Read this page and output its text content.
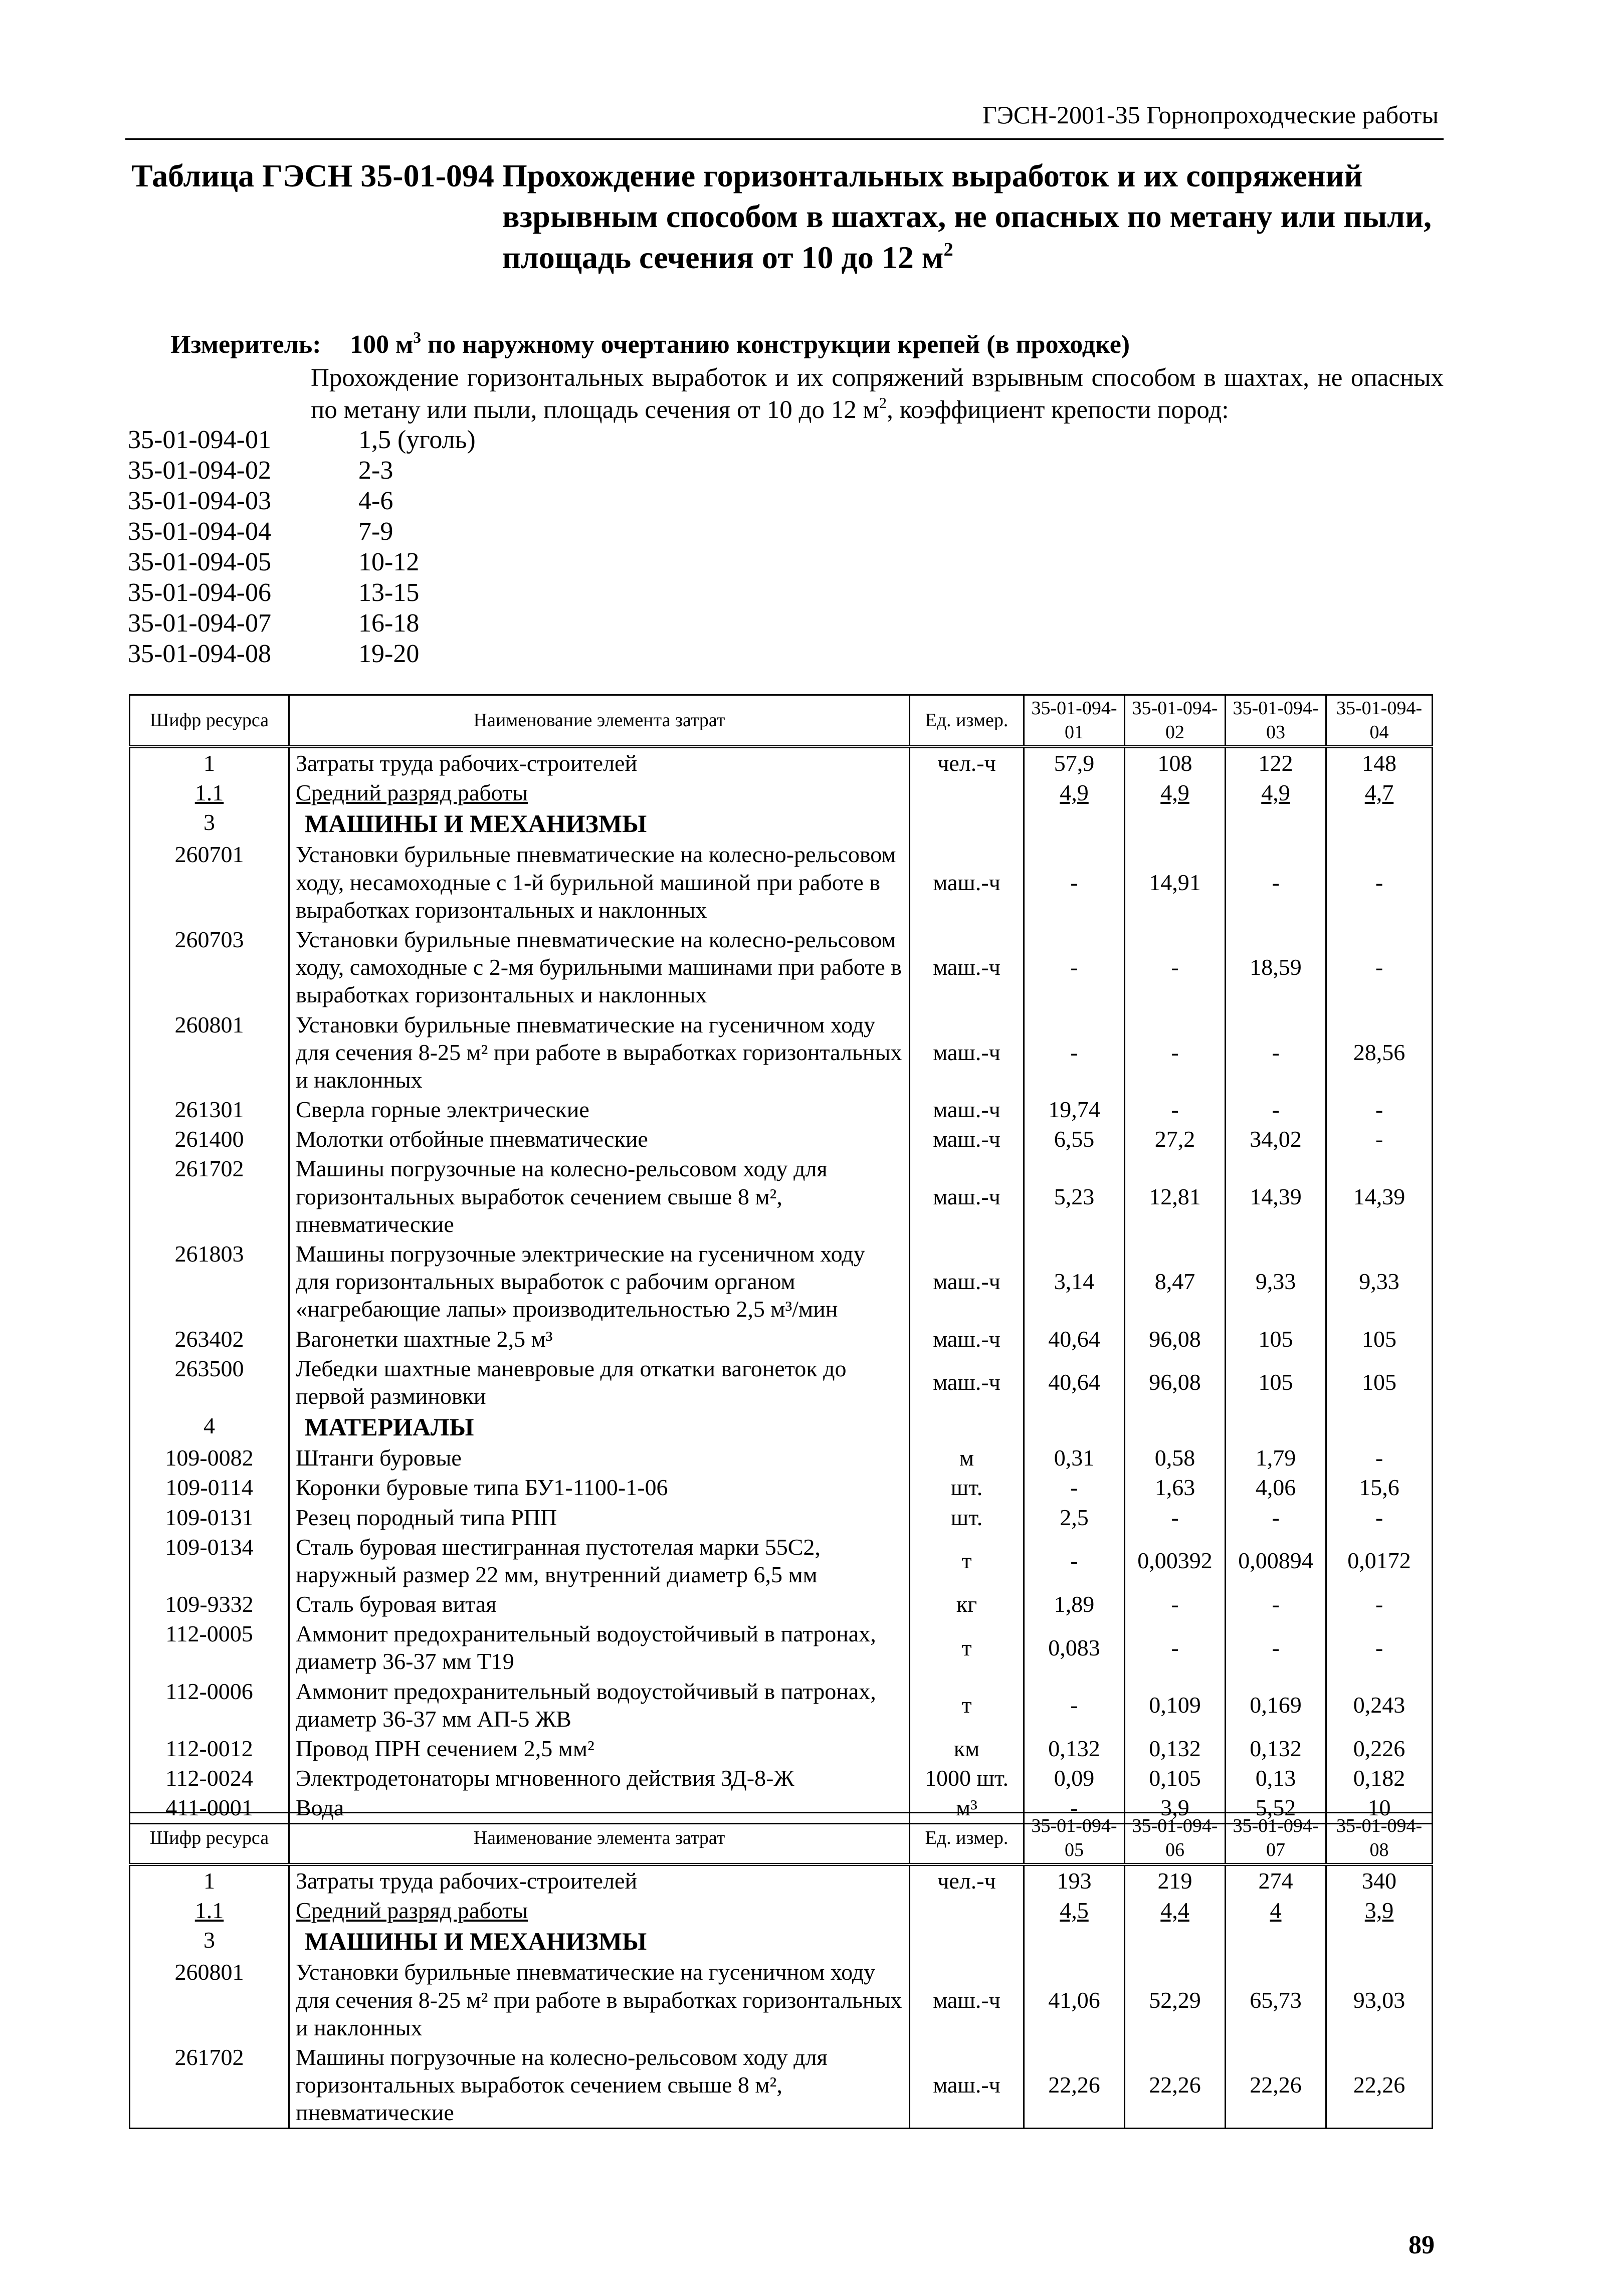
ГЭСН-2001-35 Горнопроходческие работы
Таблица ГЭСН 35-01-094 Прохождение горизонтальных выработок и их сопряжений взрывным способом в шахтах, не опасных по метану или пыли, площадь сечения от 10 до 12 $м^2$
Измеритель: 100 $м^3$ по наружному очертанию конструкции крепей (в проходке)
Прохождение горизонтальных выработок и их сопряжений взрывным способом в шахтах, не опасных по метану или пыли, площадь сечения от 10 до 12 $м^2$, коэффициент крепости пород:
35-01-094-01	1,5 (уголь)
35-01-094-02	2-3
35-01-094-03	4-6
35-01-094-04	7-9
35-01-094-05	10-12
35-01-094-06	13-15
35-01-094-07	16-18
35-01-094-08	19-20
Шифр ресурса	Наименование элемента затрат	Ед. измер.	35-01-094-01	35-01-094-02	35-01-094-03	35-01-094-04
1	Затраты труда рабочих-строителей	чел.-ч	57,9	108	122	148
1.1	Средний разряд работы		4,9	4,9	4,9	4,7
3	МАШИНЫ И МЕХАНИЗМЫ					
260701	Установки бурильные пневматические на колесно-рельсовом ходу, несамоходные с 1-й бурильной машиной при работе в выработках горизонтальных и наклонных	маш.-ч	-	14,91	-	-
260703	Установки бурильные пневматические на колесно-рельсовом ходу, самоходные с 2-мя бурильными машинами при работе в выработках горизонтальных и наклонных	маш.-ч	-	-	18,59	-
260801	Установки бурильные пневматические на гусеничном ходу для сечения 8-25 м² при работе в выработках горизонтальных и наклонных	маш.-ч	-	-	-	28,56
261301	Сверла горные электрические	маш.-ч	19,74	-	-	-
261400	Молотки отбойные пневматические	маш.-ч	6,55	27,2	34,02	-
261702	Машины погрузочные на колесно-рельсовом ходу для горизонтальных выработок сечением свыше 8 м², пневматические	маш.-ч	5,23	12,81	14,39	14,39
261803	Машины погрузочные электрические на гусеничном ходу для горизонтальных выработок с рабочим органом «нагребающие лапы» производительностью 2,5 м³/мин	маш.-ч	3,14	8,47	9,33	9,33
263402	Вагонетки шахтные 2,5 м³	маш.-ч	40,64	96,08	105	105
263500	Лебедки шахтные маневровые для откатки вагонеток до первой разминовки	маш.-ч	40,64	96,08	105	105
4	МАТЕРИАЛЫ					
109-0082	Штанги буровые	м	0,31	0,58	1,79	-
109-0114	Коронки буровые типа БУ1-1100-1-06	шт.	-	1,63	4,06	15,6
109-0131	Резец породный типа РПП	шт.	2,5	-	-	-
109-0134	Сталь буровая шестигранная пустотелая марки 55С2, наружный размер 22 мм, внутренний диаметр 6,5 мм	т	-	0,00392	0,00894	0,0172
109-9332	Сталь буровая витая	кг	1,89	-	-	-
112-0005	Аммонит предохранительный водоустойчивый в патронах, диаметр 36-37 мм Т19	т	0,083	-	-	-
112-0006	Аммонит предохранительный водоустойчивый в патронах, диаметр 36-37 мм АП-5 ЖВ	т	-	0,109	0,169	0,243
112-0012	Провод ПРН сечением 2,5 мм²	км	0,132	0,132	0,132	0,226
112-0024	Электродетонаторы мгновенного действия ЗД-8-Ж	1000 шт.	0,09	0,105	0,13	0,182
411-0001	Вода	м³	-	3,9	5,52	10
Шифр ресурса	Наименование элемента затрат	Ед. измер.	35-01-094-05	35-01-094-06	35-01-094-07	35-01-094-08
1	Затраты труда рабочих-строителей	чел.-ч	193	219	274	340
1.1	Средний разряд работы		4,5	4,4	4	3,9
3	МАШИНЫ И МЕХАНИЗМЫ					
260801	Установки бурильные пневматические на гусеничном ходу для сечения 8-25 м² при работе в выработках горизонтальных и наклонных	маш.-ч	41,06	52,29	65,73	93,03
261702	Машины погрузочные на колесно-рельсовом ходу для горизонтальных выработок сечением свыше 8 м², пневматические	маш.-ч	22,26	22,26	22,26	22,26
89
